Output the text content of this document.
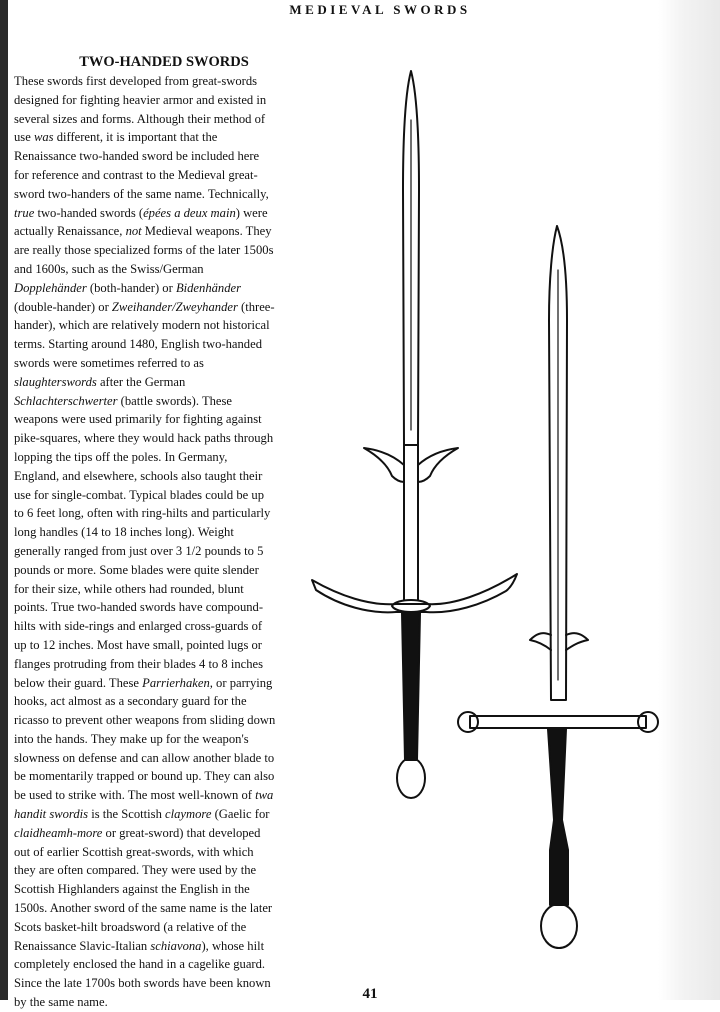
MEDIEVAL SWORDS
TWO-HANDED SWORDS

These swords first developed from great-swords
designed for fighting heavier armor and existed in
several sizes and forms. Although their method of
use was different, it is important that the
Renaissance two-handed sword be included here
for reference and contrast to the Medieval great-
sword two-handers of the same name. Technically,
true two-handed swords (épées a deux main) were
actually Renaissance, not Medieval weapons. They
are really those specialized forms of the later 1500s
and 1600s, such as the Swiss/German
Dopplehänder (both-hander) or Bidenhänder
(double-hander) or Zweihander/Zweyhander (three-
hander), which are relatively modern not historical
terms. Starting around 1480, English two-handed
swords were sometimes referred to as
slaughterswords after the German
Schlachterschwerter (battle swords). These
weapons were used primarily for fighting against
pike-squares, where they would hack paths through
lopping the tips off the poles. In Germany,
England, and elsewhere, schools also taught their
use for single-combat. Typical blades could be up
to 6 feet long, often with ring-hilts and particularly
long handles (14 to 18 inches long). Weight
generally ranged from just over 3 1/2 pounds to 5
pounds or more. Some blades were quite slender
for their size, while others had rounded, blunt
points. True two-handed swords have compound-
hilts with side-rings and enlarged cross-guards of
up to 12 inches. Most have small, pointed lugs or
flanges protruding from their blades 4 to 8 inches
below their guard. These Parrierhaken, or parrying
hooks, act almost as a secondary guard for the
ricasso to prevent other weapons from sliding down
into the hands. They make up for the weapon's
slowness on defense and can allow another blade to
be momentarily trapped or bound up. They can also
be used to strike with. The most well-known of twa
handit swordis is the Scottish claymore (Gaelic for
claidheamh-more or great-sword) that developed
out of earlier Scottish great-swords, with which
they are often compared. They were used by the
Scottish Highlanders against the English in the
1500s. Another sword of the same name is the later
Scots basket-hilt broadsword (a relative of the
Renaissance Slavic-Italian schiavona), whose hilt
completely enclosed the hand in a cagelike guard.
Since the late 1700s both swords have been known
by the same name.

41
